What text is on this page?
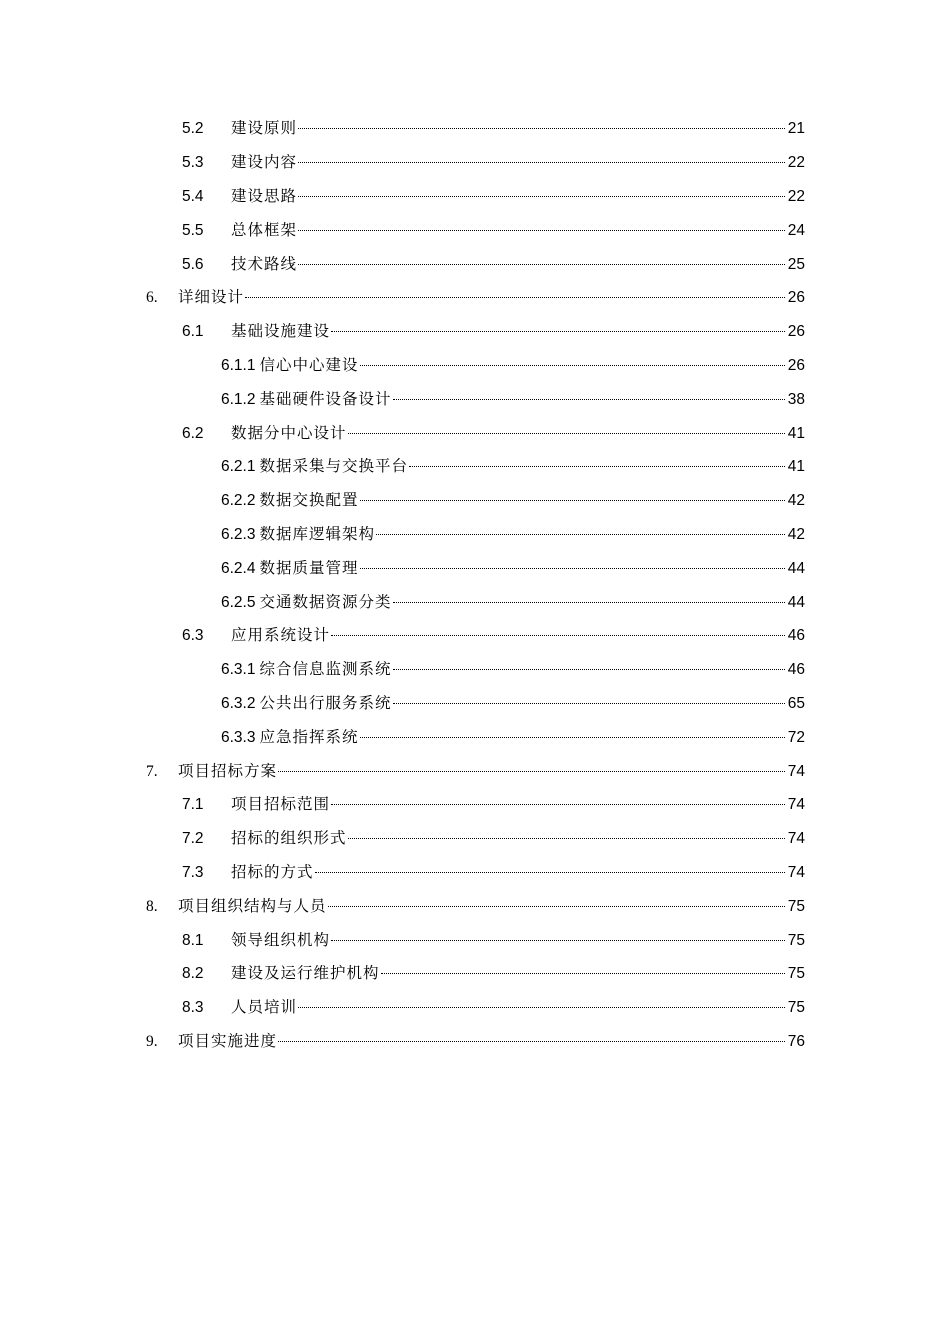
5.2	建设原则	21
5.3	建设内容	22
5.4	建设思路	22
5.5	总体框架	24
5.6	技术路线	25
6.	详细设计	26
6.1	基础设施建设	26
6.1.1 信心中心建设	26
6.1.2 基础硬件设备设计	38
6.2	数据分中心设计	41
6.2.1 数据采集与交换平台	41
6.2.2 数据交换配置	42
6.2.3 数据库逻辑架构	42
6.2.4 数据质量管理	44
6.2.5 交通数据资源分类	44
6.3	应用系统设计	46
6.3.1 综合信息监测系统	46
6.3.2 公共出行服务系统	65
6.3.3 应急指挥系统	72
7.	项目招标方案	74
7.1	项目招标范围	74
7.2	招标的组织形式	74
7.3	招标的方式	74
8.	项目组织结构与人员	75
8.1	领导组织机构	75
8.2	建设及运行维护机构	75
8.3	人员培训	75
9.	项目实施进度	76
